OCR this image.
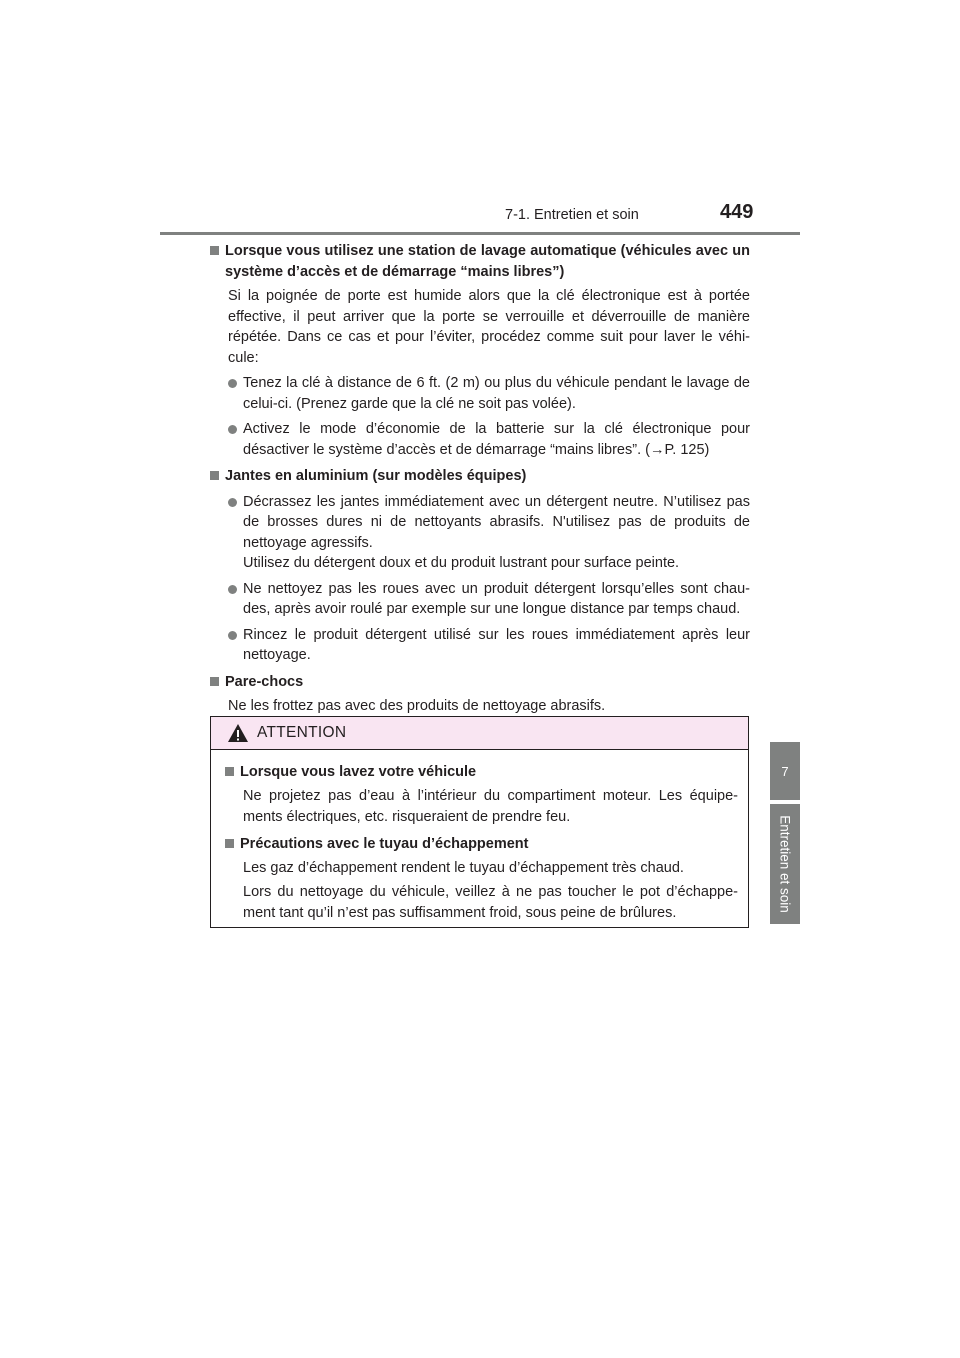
7-1. Entretien et soin	449
7
Entretien et soin
Lorsque vous utilisez une station de lavage automatique (véhicules avec un système d’accès et de démarrage “mains libres”)
Si la poignée de porte est humide alors que la clé électronique est à portée effective, il peut arriver que la porte se verrouille et déverrouille de manière répétée. Dans ce cas et pour l’éviter, procédez comme suit pour laver le véhi-cule:
Tenez la clé à distance de 6 ft. (2 m) ou plus du véhicule pendant le lavage de celui-ci. (Prenez garde que la clé ne soit pas volée).
Activez le mode d’économie de la batterie sur la clé électronique pour désactiver le système d’accès et de démarrage “mains libres”. (→P. 125)
Jantes en aluminium (sur modèles équipes)
Décrassez les jantes immédiatement avec un détergent neutre. N’utilisez pas de brosses dures ni de nettoyants abrasifs. N'utilisez pas de produits de nettoyage agressifs.
Utilisez du détergent doux et du produit lustrant pour surface peinte.
Ne nettoyez pas les roues avec un produit détergent lorsqu’elles sont chau-des, après avoir roulé par exemple sur une longue distance par temps chaud.
Rincez le produit détergent utilisé sur les roues immédiatement après leur nettoyage.
Pare-chocs
Ne les frottez pas avec des produits de nettoyage abrasifs.
ATTENTION
Lorsque vous lavez votre véhicule
Ne projetez pas d’eau à l’intérieur du compartiment moteur. Les équipe-ments électriques, etc. risqueraient de prendre feu.
Précautions avec le tuyau d’échappement
Les gaz d’échappement rendent le tuyau d’échappement très chaud.
Lors du nettoyage du véhicule, veillez à ne pas toucher le pot d’échappe-ment tant qu’il n’est pas suffisamment froid, sous peine de brûlures.
